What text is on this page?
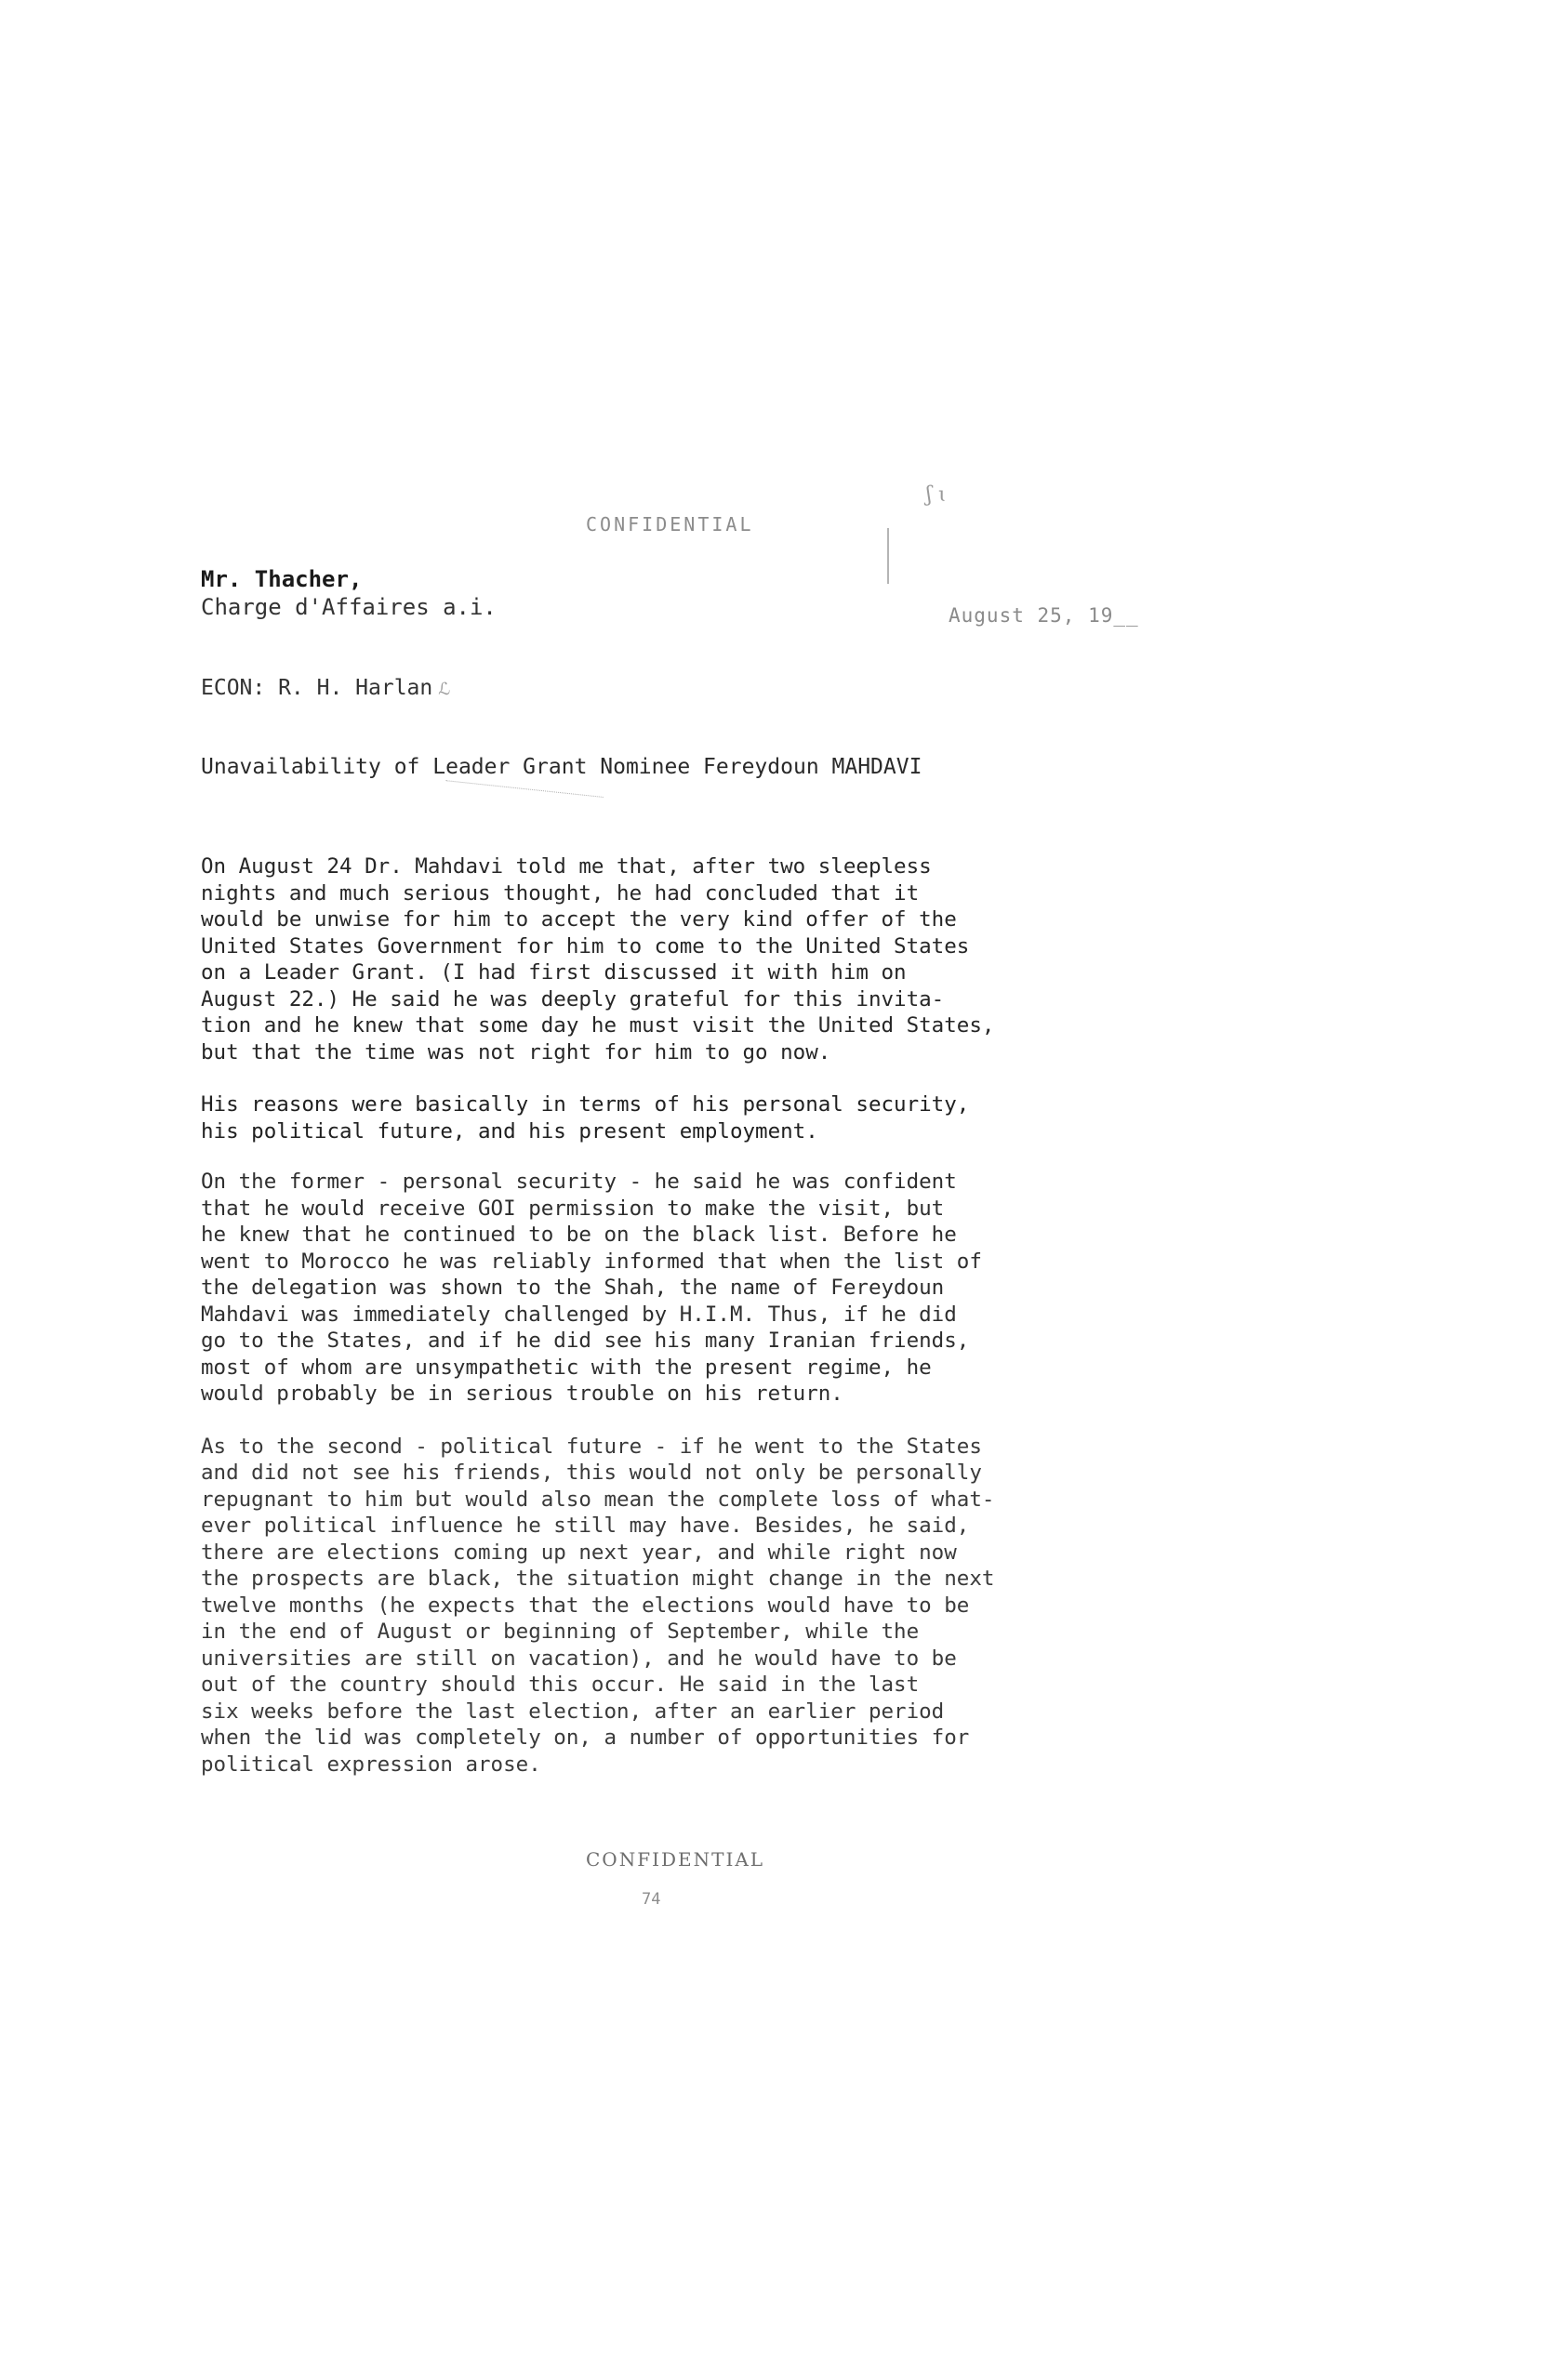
CONFIDENTIAL
ʃ ɩ
Mr. Thacher,
Charge d'Affaires a.i.	August 25, 19__
ECON: R. H. Harlan ℒ
Unavailability of Leader Grant Nominee Fereydoun MAHDAVI

On August 24 Dr. Mahdavi told me that, after two sleepless
nights and much serious thought, he had concluded that it
would be unwise for him to accept the very kind offer of the
United States Government for him to come to the United States
on a Leader Grant. (I had first discussed it with him on
August 22.) He said he was deeply grateful for this invita-
tion and he knew that some day he must visit the United States,
but that the time was not right for him to go now.

His reasons were basically in terms of his personal security,
his political future, and his present employment.

On the former - personal security - he said he was confident
that he would receive GOI permission to make the visit, but
he knew that he continued to be on the black list. Before he
went to Morocco he was reliably informed that when the list of
the delegation was shown to the Shah, the name of Fereydoun
Mahdavi was immediately challenged by H.I.M. Thus, if he did
go to the States, and if he did see his many Iranian friends,
most of whom are unsympathetic with the present regime, he
would probably be in serious trouble on his return.

As to the second - political future - if he went to the States
and did not see his friends, this would not only be personally
repugnant to him but would also mean the complete loss of what-
ever political influence he still may have. Besides, he said,
there are elections coming up next year, and while right now
the prospects are black, the situation might change in the next
twelve months (he expects that the elections would have to be
in the end of August or beginning of September, while the
universities are still on vacation), and he would have to be
out of the country should this occur. He said in the last
six weeks before the last election, after an earlier period
when the lid was completely on, a number of opportunities for
political expression arose.

CONFIDENTIAL
74
